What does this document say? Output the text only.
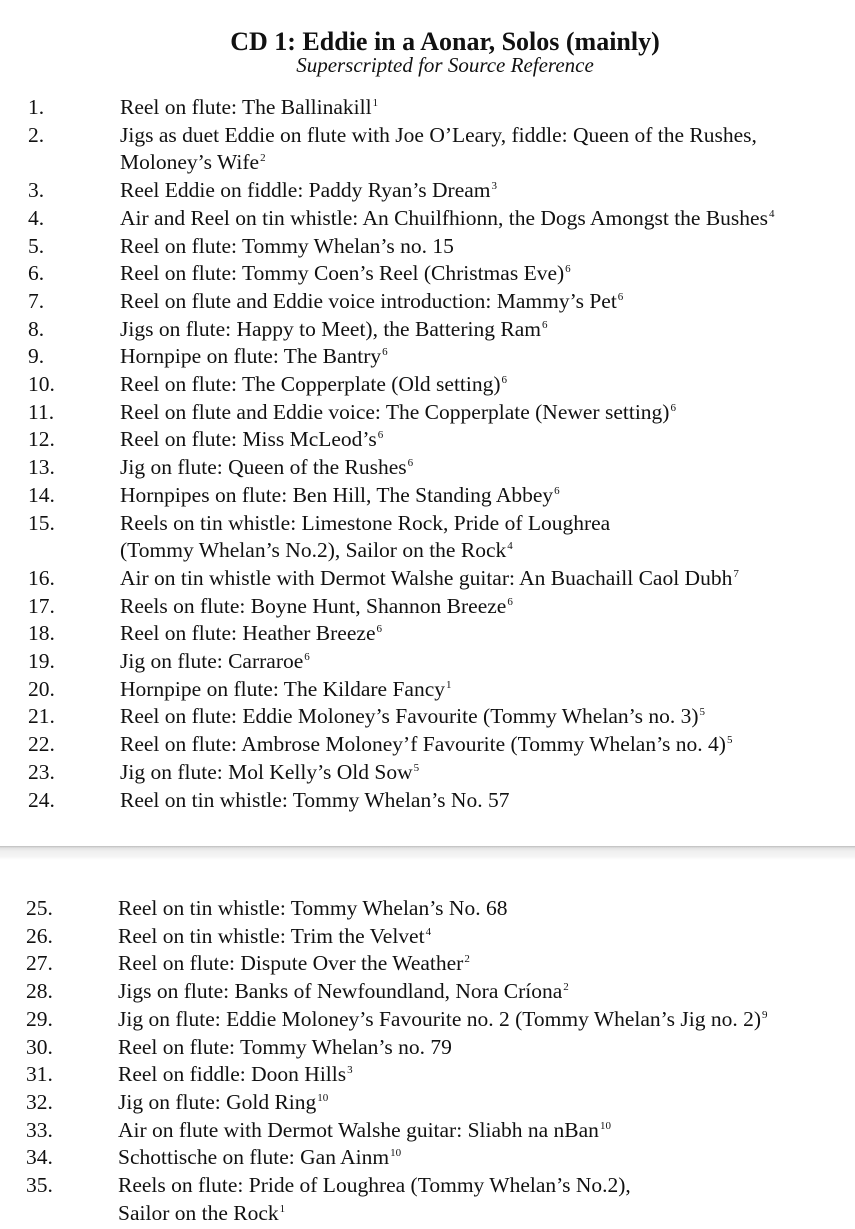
CD 1: Eddie in a Aonar, Solos (mainly)
Superscripted for Source Reference
1.	Reel on flute: The Ballinakill$^1$
2.	Jigs as duet Eddie on flute with Joe O’Leary, fiddle: Queen of the Rushes,
Moloney’s Wife$^2$
3.	Reel Eddie on fiddle: Paddy Ryan’s Dream$^3$
4.	Air and Reel on tin whistle: An Chuilfhionn, the Dogs Amongst the Bushes$^4$
5.	Reel on flute: Tommy Whelan’s no. 15
6.	Reel on flute: Tommy Coen’s Reel (Christmas Eve)$^6$
7.	Reel on flute and Eddie voice introduction: Mammy’s Pet$^6$
8.	Jigs on flute: Happy to Meet), the Battering Ram$^6$
9.	Hornpipe on flute: The Bantry$^6$
10.	Reel on flute: The Copperplate (Old setting)$^6$
11.	Reel on flute and Eddie voice: The Copperplate (Newer setting)$^6$
12.	Reel on flute: Miss $McLeod’s^6$
13.	Jig on flute: Queen of the Rushes$^6$
14.	Hornpipes on flute: Ben Hill, The Standing Abbey$^6$
15.	Reels on tin whistle: Limestone Rock, Pride of Loughrea
(Tommy Whelan’s No.2), Sailor on the Rock$^4$
16.	Air on tin whistle with Dermot Walshe guitar: An Buachaill Caol Dubh$^7$
17.	Reels on flute: Boyne Hunt, Shannon Breeze$^6$
18.	Reel on flute: Heather Breeze$^6$
19.	Jig on flute: Carraroe$^6$
20.	Hornpipe on flute: The Kildare Fancy$^1$
21.	Reel on flute: Eddie Moloney’s Favourite (Tommy Whelan’s no. 3)$^5$
22.	Reel on flute: Ambrose Moloney’f Favourite (Tommy Whelan’s no. 4)$^5$
23.	Jig on flute: Mol Kelly’s Old Sow$^5$
24.	Reel on tin whistle: Tommy Whelan’s No. 57
25.	Reel on tin whistle: Tommy Whelan’s No. 68
26.	Reel on tin whistle: Trim the Velvet$^4$
27.	Reel on flute: Dispute Over the Weather$^2$
28.	Jigs on flute: Banks of Newfoundland, Nora Críona$^2$
29.	Jig on flute: Eddie Moloney’s Favourite no. 2 (Tommy Whelan’s Jig no. 2)$^9$
30.	Reel on flute: Tommy Whelan’s no. 79
31.	Reel on fiddle: Doon Hills$^3$
32.	Jig on flute: Gold Ring$^{10}$
33.	Air on flute with Dermot Walshe guitar: Sliabh na nBan$^{10}$
34.	Schottische on flute: Gan Ainm$^{10}$
35.	Reels on flute: Pride of Loughrea (Tommy Whelan’s No.2),
Sailor on the Rock$^1$
